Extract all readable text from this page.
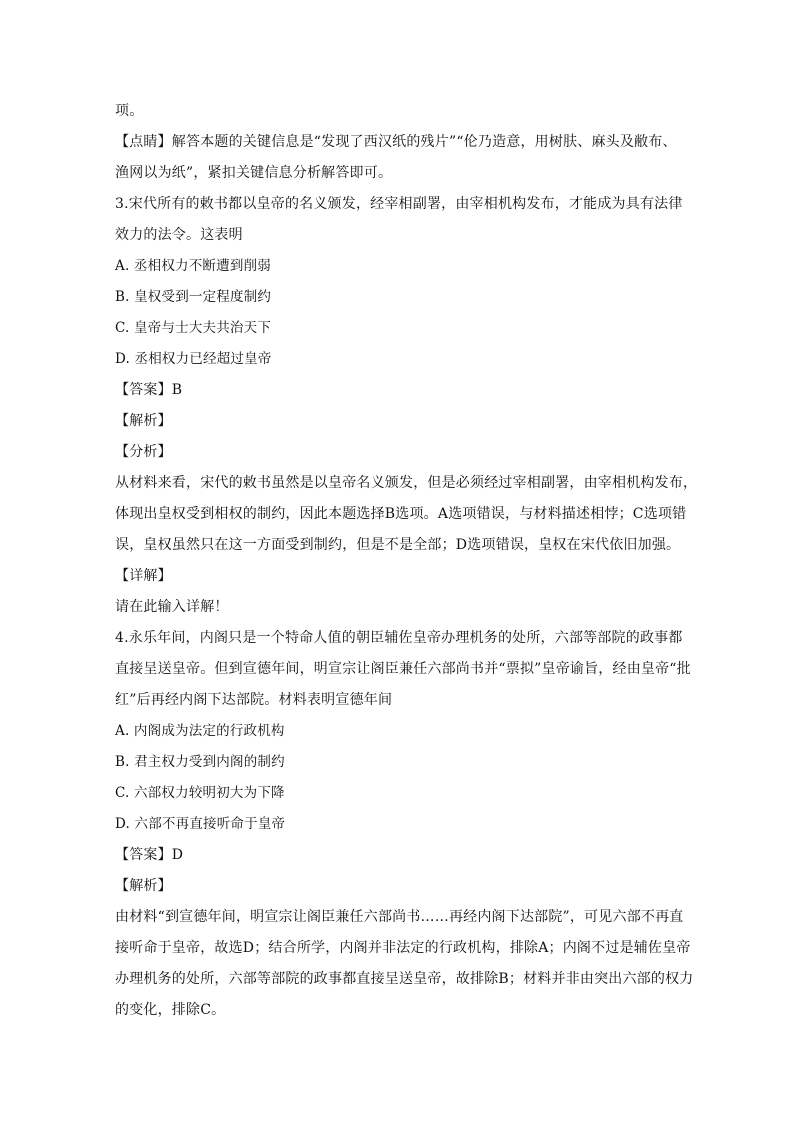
项。
【点睛】解答本题的关键信息是“发现了西汉纸的残片”“伦乃造意，用树肤、麻头及敝布、
渔网以为纸”，紧扣关键信息分析解答即可。
3.宋代所有的敕书都以皇帝的名义颁发，经宰相副署，由宰相机构发布，才能成为具有法律
效力的法令。这表明
A. 丞相权力不断遭到削弱
B. 皇权受到一定程度制约
C. 皇帝与士大夫共治天下
D. 丞相权力已经超过皇帝
【答案】B
【解析】
【分析】
从材料来看，宋代的敕书虽然是以皇帝名义颁发，但是必须经过宰相副署，由宰相机构发布，
体现出皇权受到相权的制约，因此本题选择B选项。A选项错误，与材料描述相悖；C选项错
误，皇权虽然只在这一方面受到制约，但是不是全部；D选项错误，皇权在宋代依旧加强。
【详解】
请在此输入详解！
4.永乐年间，内阁只是一个特命人值的朝臣辅佐皇帝办理机务的处所，六部等部院的政事都
直接呈送皇帝。但到宣德年间，明宣宗让阁臣兼任六部尚书并“票拟”皇帝谕旨，经由皇帝“批
红”后再经内阁下达部院。材料表明宣德年间
A. 内阁成为法定的行政机构
B. 君主权力受到内阁的制约
C. 六部权力较明初大为下降
D. 六部不再直接听命于皇帝
【答案】D
【解析】
由材料“到宣德年间，明宣宗让阁臣兼任六部尚书……再经内阁下达部院”，可见六部不再直
接听命于皇帝，故选D；结合所学，内阁并非法定的行政机构，排除A；内阁不过是辅佐皇帝
办理机务的处所，六部等部院的政事都直接呈送皇帝，故排除B；材料并非由突出六部的权力
的变化，排除C。
